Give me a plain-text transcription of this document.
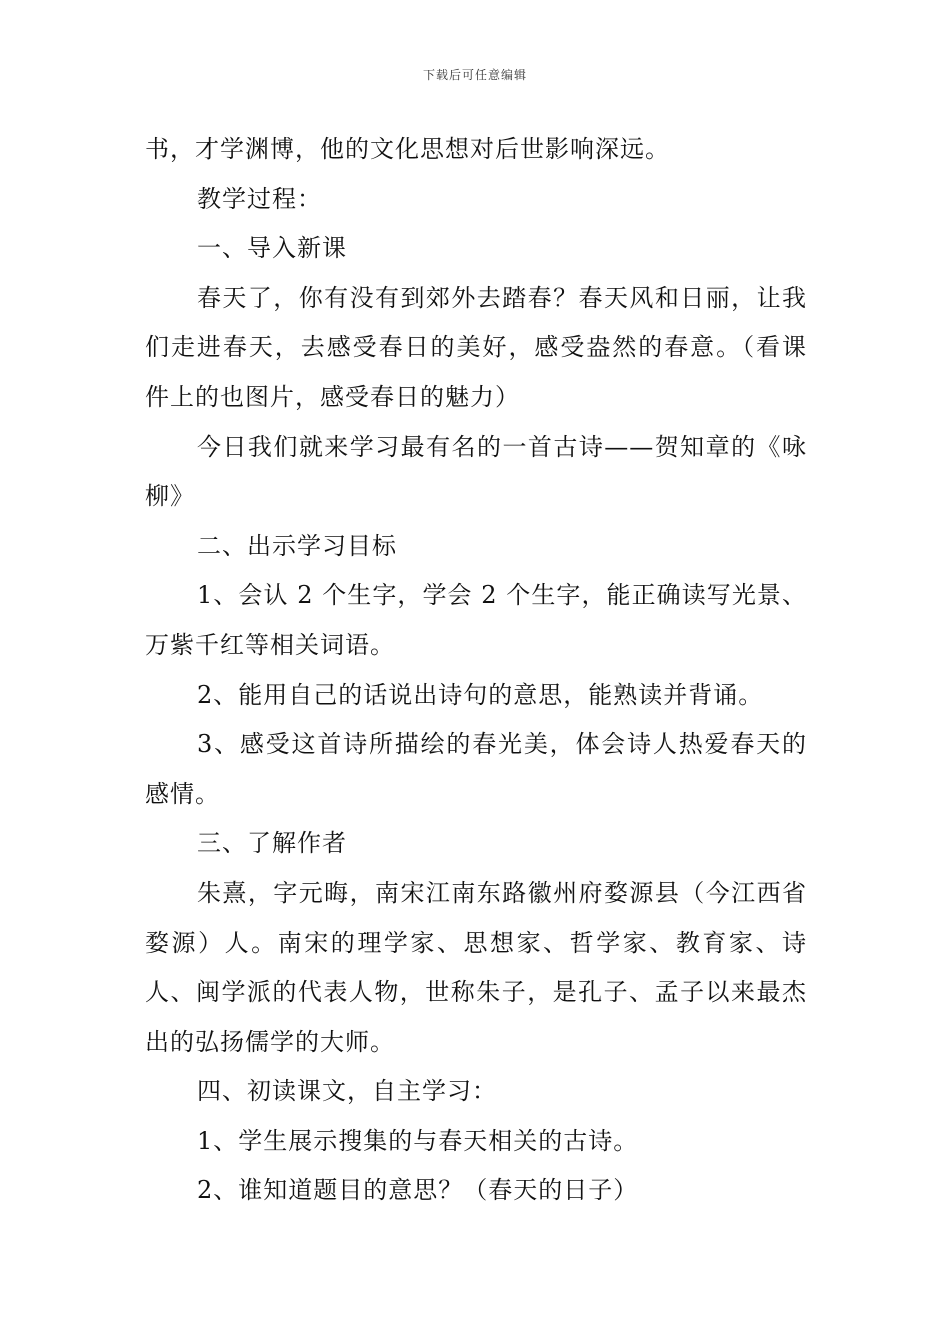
下载后可任意编辑

书，才学渊博，他的文化思想对后世影响深远。

教学过程：

一、导入新课

春天了，你有没有到郊外去踏春？春天风和日丽，让我们走进春天，去感受春日的美好，感受盎然的春意。（看课件上的也图片，感受春日的魅力）

今日我们就来学习最有名的一首古诗——贺知章的《咏柳》

二、出示学习目标

1、会认 2 个生字，学会 2 个生字，能正确读写光景、万紫千红等相关词语。

2、能用自己的话说出诗句的意思，能熟读并背诵。

3、感受这首诗所描绘的春光美，体会诗人热爱春天的感情。

三、了解作者

朱熹，字元晦，南宋江南东路徽州府婺源县（今江西省婺源）人。南宋的理学家、思想家、哲学家、教育家、诗人、闽学派的代表人物，世称朱子，是孔子、孟子以来最杰出的弘扬儒学的大师。

四、初读课文，自主学习：

1、学生展示搜集的与春天相关的古诗。

2、谁知道题目的意思？（春天的日子）
